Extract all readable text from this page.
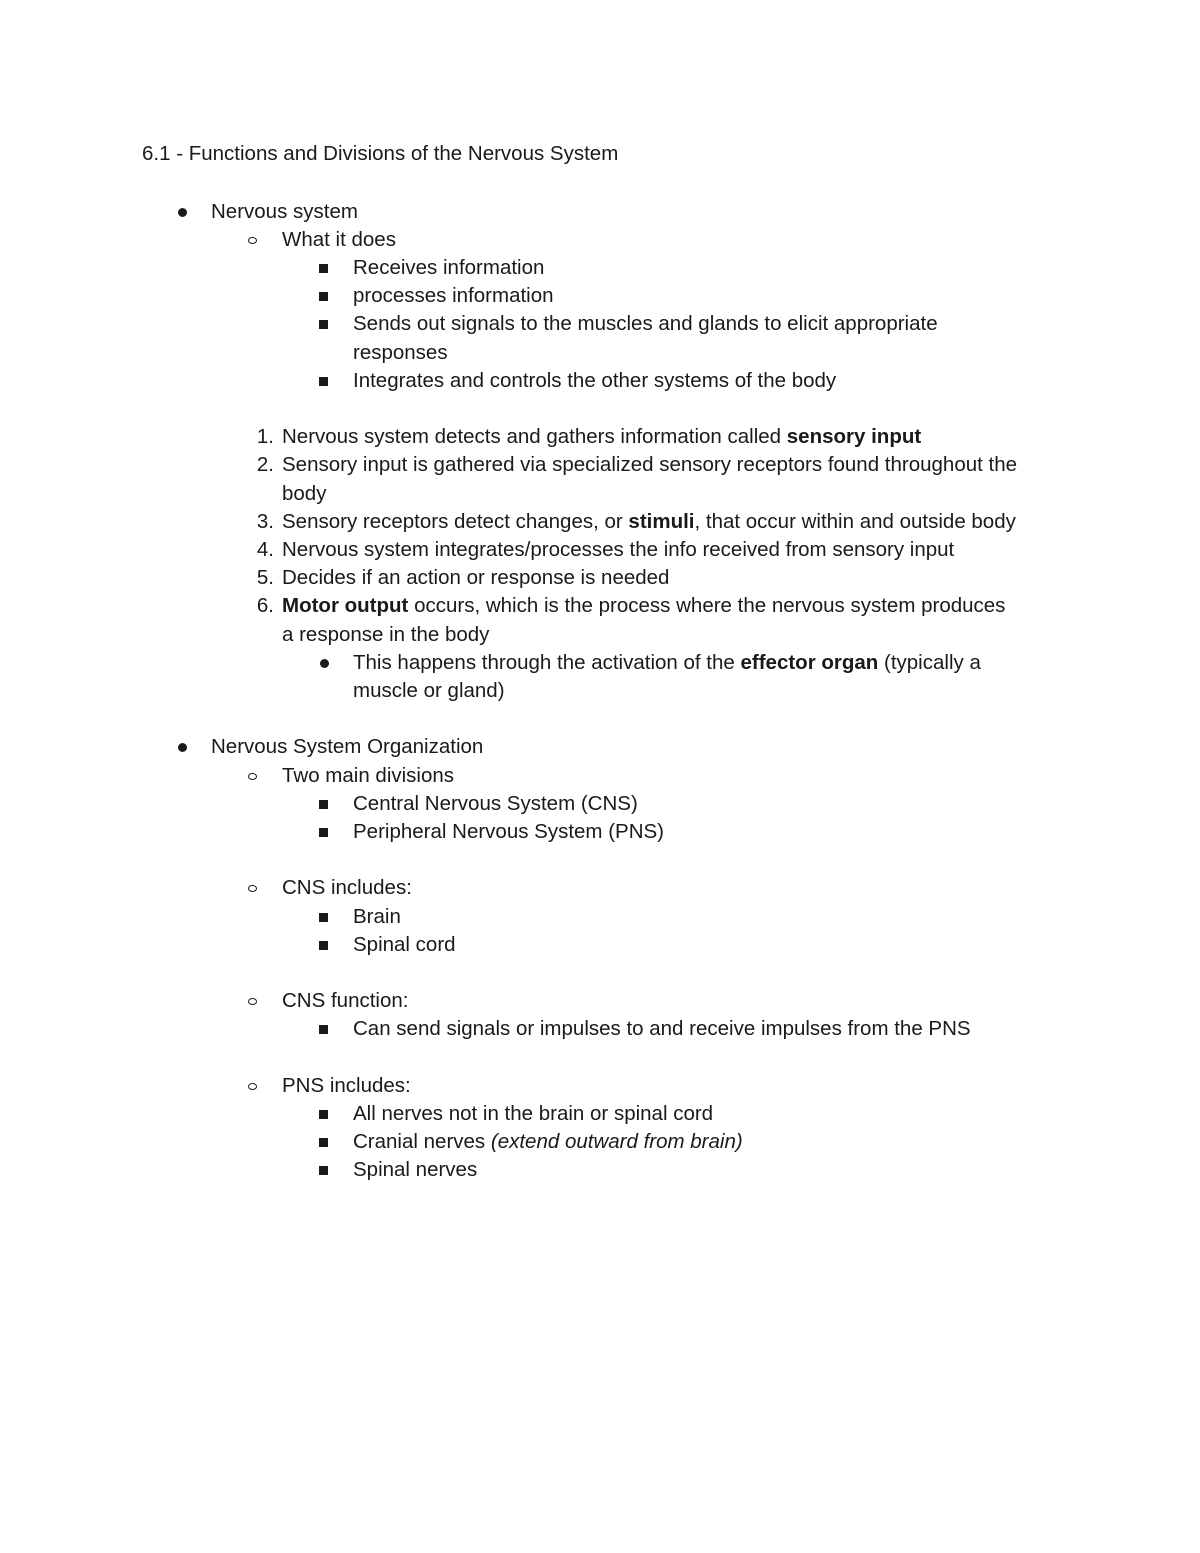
6.1 - Functions and Divisions of the Nervous System
Nervous system
What it does
Receives information
processes information
Sends out signals to the muscles and glands to elicit appropriate
responses
Integrates and controls the other systems of the body
1. Nervous system detects and gathers information called sensory input
2. Sensory input is gathered via specialized sensory receptors found throughout the
body
3. Sensory receptors detect changes, or stimuli, that occur within and outside body
4. Nervous system integrates/processes the info received from sensory input
5. Decides if an action or response is needed
6. Motor output occurs, which is the process where the nervous system produces
a response in the body
This happens through the activation of the effector organ (typically a
muscle or gland)
Nervous System Organization
Two main divisions
Central Nervous System (CNS)
Peripheral Nervous System (PNS)
CNS includes:
Brain
Spinal cord
CNS function:
Can send signals or impulses to and receive impulses from the PNS
PNS includes:
All nerves not in the brain or spinal cord
Cranial nerves (extend outward from brain)
Spinal nerves
